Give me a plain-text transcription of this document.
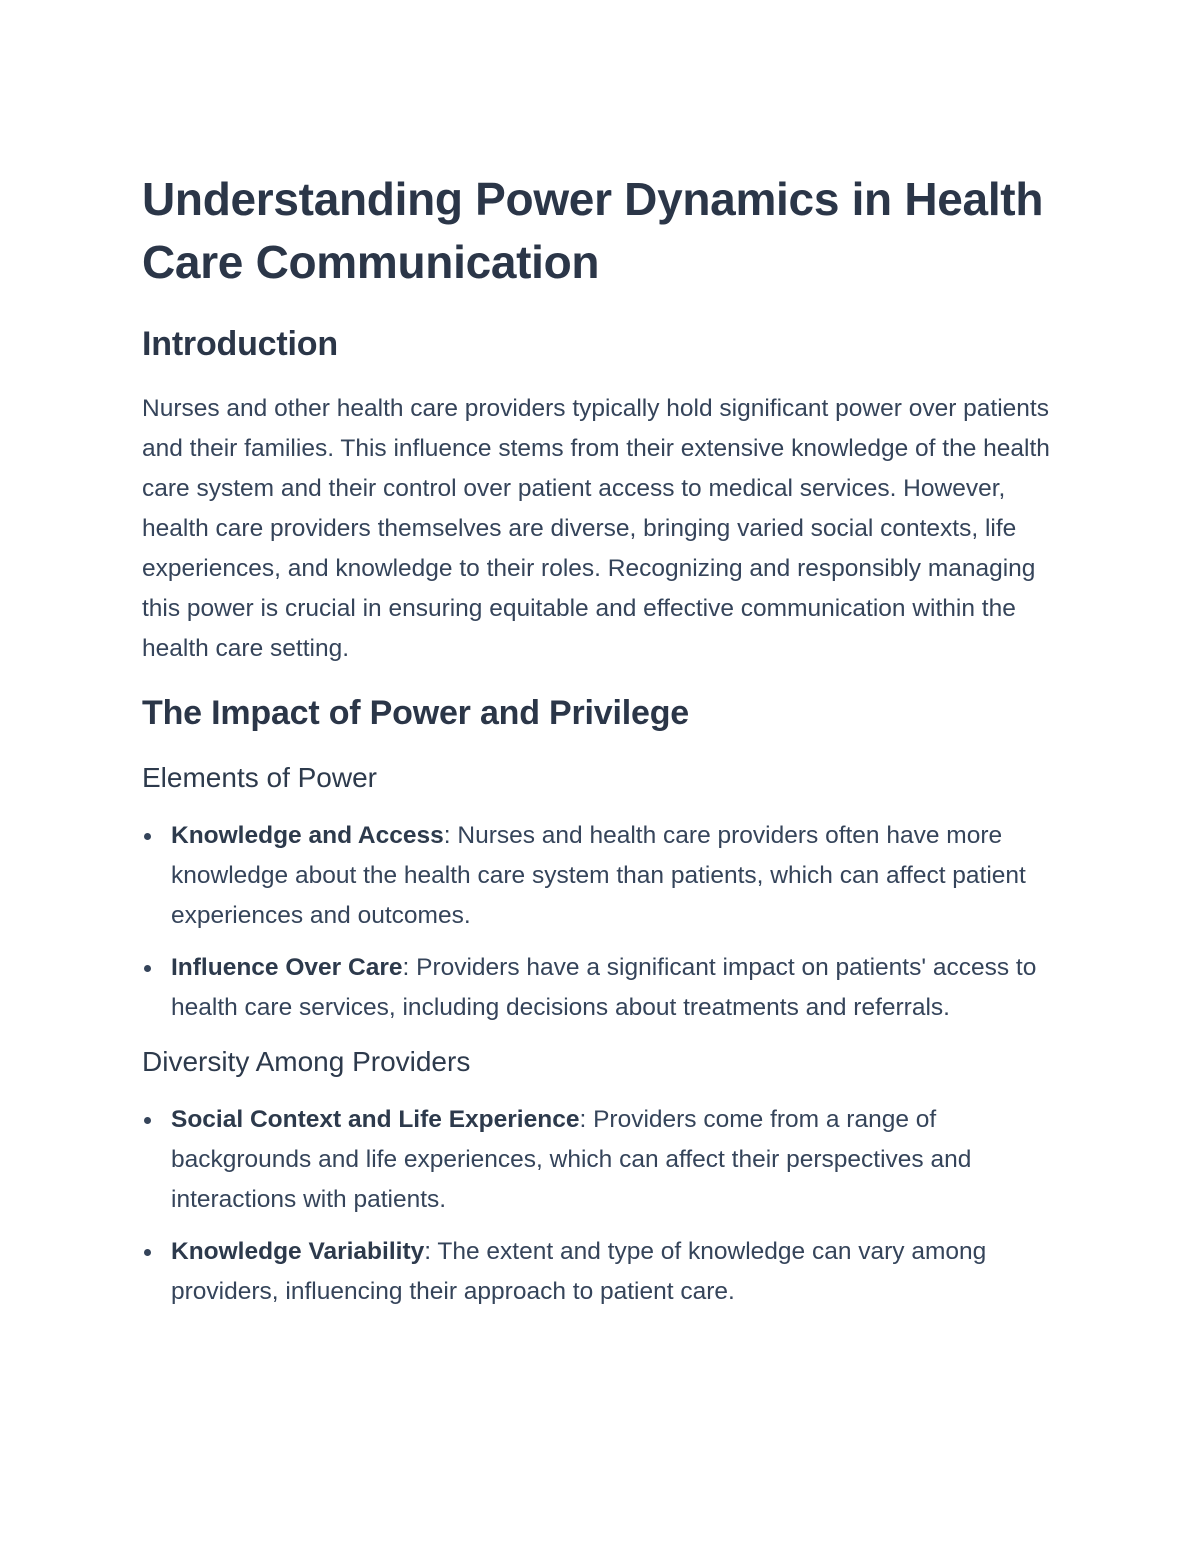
Understanding Power Dynamics in Health Care Communication
Introduction

Nurses and other health care providers typically hold significant power over patients and their families. This influence stems from their extensive knowledge of the health care system and their control over patient access to medical services. However, health care providers themselves are diverse, bringing varied social contexts, life experiences, and knowledge to their roles. Recognizing and responsibly managing this power is crucial in ensuring equitable and effective communication within the health care setting.

The Impact of Power and Privilege
Elements of Power
Knowledge and Access: Nurses and health care providers often have more knowledge about the health care system than patients, which can affect patient experiences and outcomes.
Influence Over Care: Providers have a significant impact on patients' access to health care services, including decisions about treatments and referrals.
Diversity Among Providers
Social Context and Life Experience: Providers come from a range of backgrounds and life experiences, which can affect their perspectives and interactions with patients.
Knowledge Variability: The extent and type of knowledge can vary among providers, influencing their approach to patient care.
